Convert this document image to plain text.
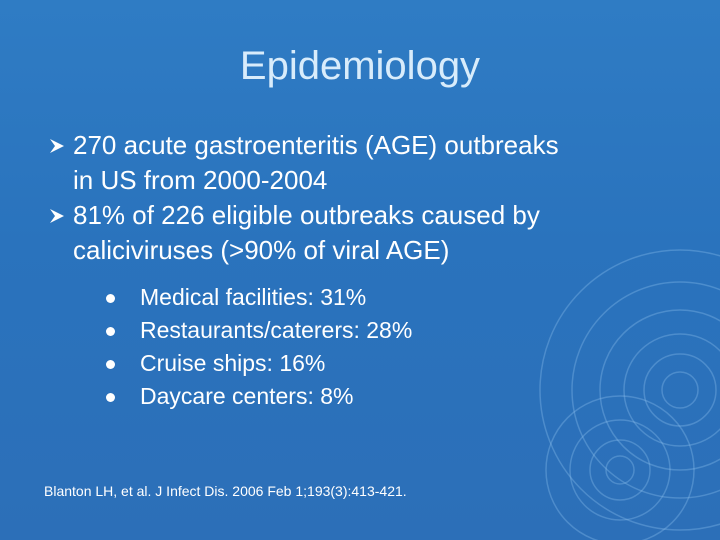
Epidemiology
270 acute gastroenteritis (AGE) outbreaks
in US from 2000-2004
81% of 226 eligible outbreaks caused by
caliciviruses (>90% of viral AGE)
Medical facilities: 31%
Restaurants/caterers: 28%
Cruise ships: 16%
Daycare centers: 8%
Blanton LH, et al. J Infect Dis. 2006 Feb 1;193(3):413-421.
